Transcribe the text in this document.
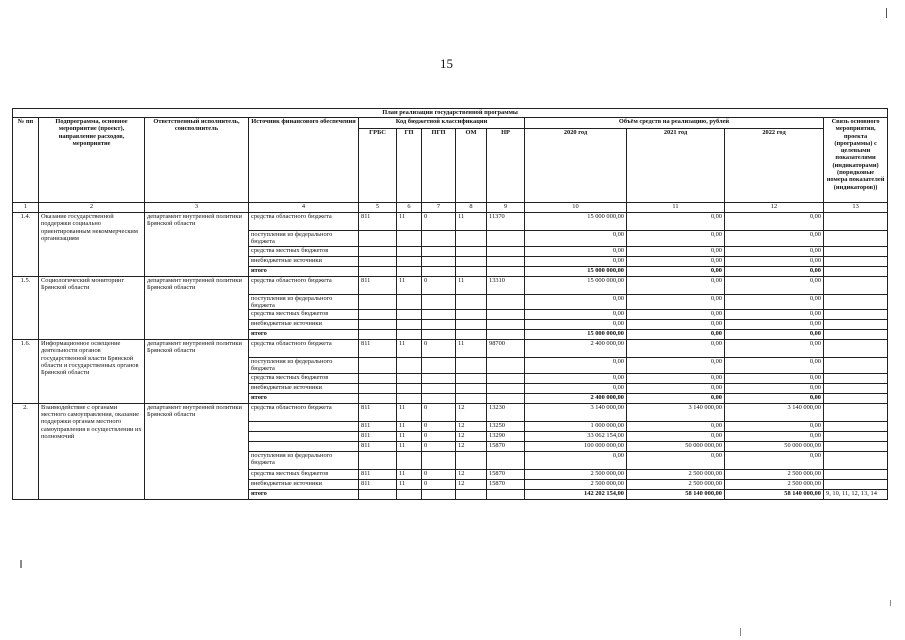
15
План реализации государственной программы												
№ пп	Подпрограмма, основное мероприятие (проект), направление расходов, мероприятие	Ответственный исполнитель, соисполнитель	Источник финансового обеспечения	Код бюджетной классификации					Объём средств на реализацию, рублей			Связь основного мероприятия, проекта (программы) с целевыми показателями (индикаторами) (порядковые номера показателей (индикаторов))
				ГРБС	ГП	ПГП	ОМ	НР	2020 год	2021 год	2022 год	
1	2	3	4	5	6	7	8	9	10	11	12	13
1.4.	Оказание государственной поддержки социально ориентированным некоммерческим организациям	департамент внутренней политики Брянской области	средства областного бюджета	811	11	0	11	11370	15 000 000,00	0,00	0,00	
			поступления из федерального бюджета						0,00	0,00	0,00	
			средства местных бюджетов						0,00	0,00	0,00	
			внебюджетные источники						0,00	0,00	0,00	
			итого						15 000 000,00	0,00	0,00	
1.5.	Социологический мониторинг Брянской области	департамент внутренней политики Брянской области	средства областного бюджета	811	11	0	11	13310	15 000 000,00	0,00	0,00	
			поступления из федерального бюджета						0,00	0,00	0,00	
			средства местных бюджетов						0,00	0,00	0,00	
			внебюджетные источники						0,00	0,00	0,00	
			итого						15 000 000,00	0,00	0,00	
1.6.	Информационное освещение деятельности органов государственной власти Брянской области и государственных органов Брянской области	департамент внутренней политики Брянской области	средства областного бюджета	811	11	0	11	98700	2 400 000,00	0,00	0,00	
			поступления из федерального бюджета						0,00	0,00	0,00	
			средства местных бюджетов						0,00	0,00	0,00	
			внебюджетные источники						0,00	0,00	0,00	
			итого						2 400 000,00	0,00	0,00	
2.	Взаимодействие с органами местного самоуправления, оказание поддержки органам местного самоуправления в осуществлении их полномочий	департамент внутренней политики Брянской области	средства областного бюджета	811	11	0	12	13230	3 140 000,00	3 140 000,00	3 140 000,00	
				811	11	0	12	13250	1 000 000,00	0,00	0,00	
				811	11	0	12	13290	33 062 154,00	0,00	0,00	
				811	11	0	12	15870	100 000 000,00	50 000 000,00	50 000 000,00	
			поступления из федерального бюджета						0,00	0,00	0,00	
			средства местных бюджетов	811	11	0	12	15870	2 500 000,00	2 500 000,00	2 500 000,00	
			внебюджетные источники	811	11	0	12	15870	2 500 000,00	2 500 000,00	2 500 000,00	
			итого						142 202 154,00	58 140 000,00	58 140 000,00	9, 10, 11, 12, 13, 14
